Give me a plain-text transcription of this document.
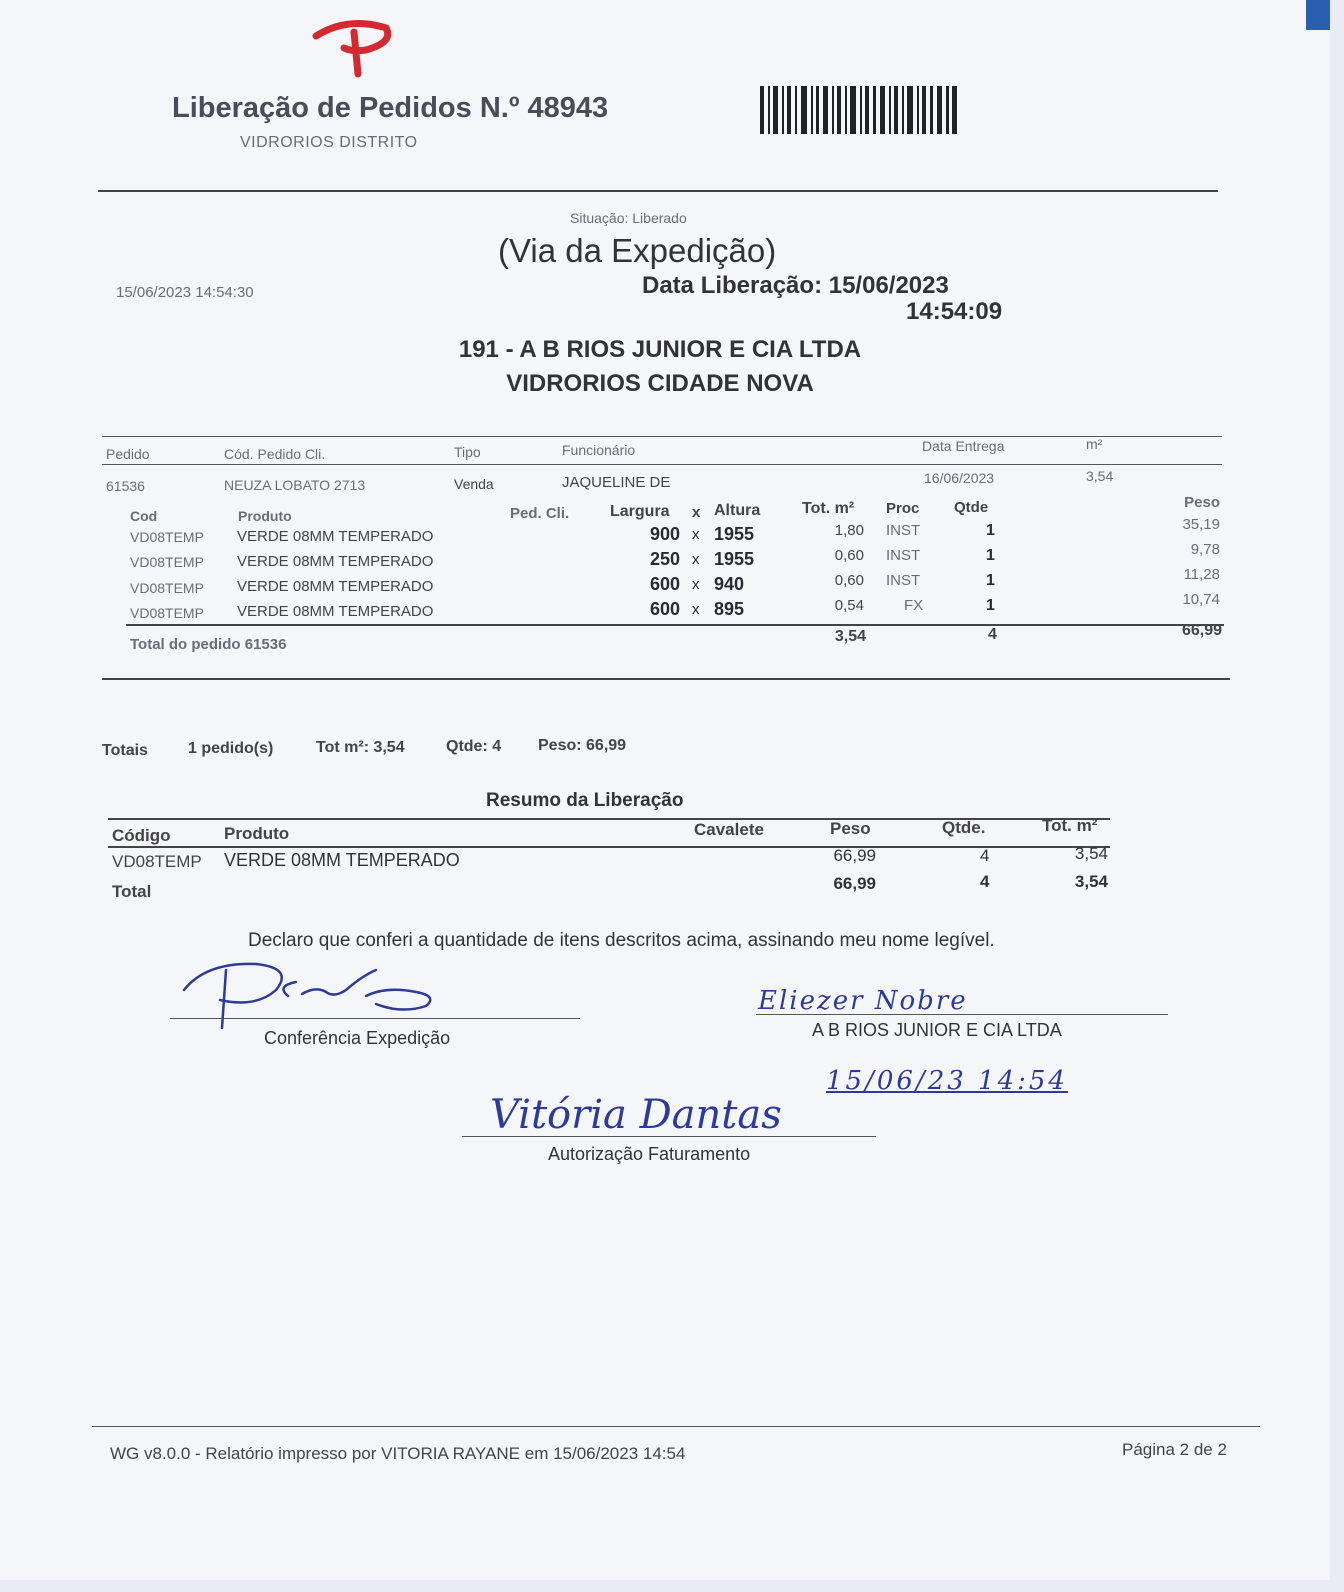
Liberação de Pedidos N.º 48943
VIDRORIOS DISTRITO
Situação: Liberado
(Via da Expedição)
15/06/2023 14:54:30	Data Liberação: 15/06/2023
14:54:09
191 - A B RIOS JUNIOR E CIA LTDA
VIDRORIOS CIDADE NOVA
Pedido	Cód. Pedido Cli.	Tipo	Funcionário	Data Entrega	m²
61536	NEUZA LOBATO 2713	Venda	JAQUELINE DE	16/06/2023	3,54
Cod	Produto	Ped. Cli.	Largura x Altura	Tot. m² Proc Qtde	Peso
VD08TEMP VERDE 08MM TEMPERADO	900 x 1955	1,80 INST	1	35,19
VD08TEMP VERDE 08MM TEMPERADO	250 x 1955	0,60 INST	1	9,78
VD08TEMP VERDE 08MM TEMPERADO	600 x 940	0,60 INST	1	11,28
VD08TEMP VERDE 08MM TEMPERADO	600 x 895	0,54	FX	1	10,74
Total do pedido 61536	3,54	4	66,99
Totais	1 pedido(s)	Tot m²: 3,54	Qtde: 4 Peso: 66,99
Resumo da Liberação
Código	Produto	Cavalete	Peso	Qtde.	Tot. m²
VD08TEMP VERDE 08MM TEMPERADO	66,99	4	3,54
Total	66,99	4	3,54
Declaro que conferi a quantidade de itens descritos acima, assinando meu nome legível.
Conferência Expedição
Eliezer Nobre
A B RIOS JUNIOR E CIA LTDA
15/06/23 14:54
Vitória Dantas
Autorização Faturamento
WG v8.0.0 - Relatório impresso por VITORIA RAYANE em 15/06/2023 14:54	Página 2 de 2
